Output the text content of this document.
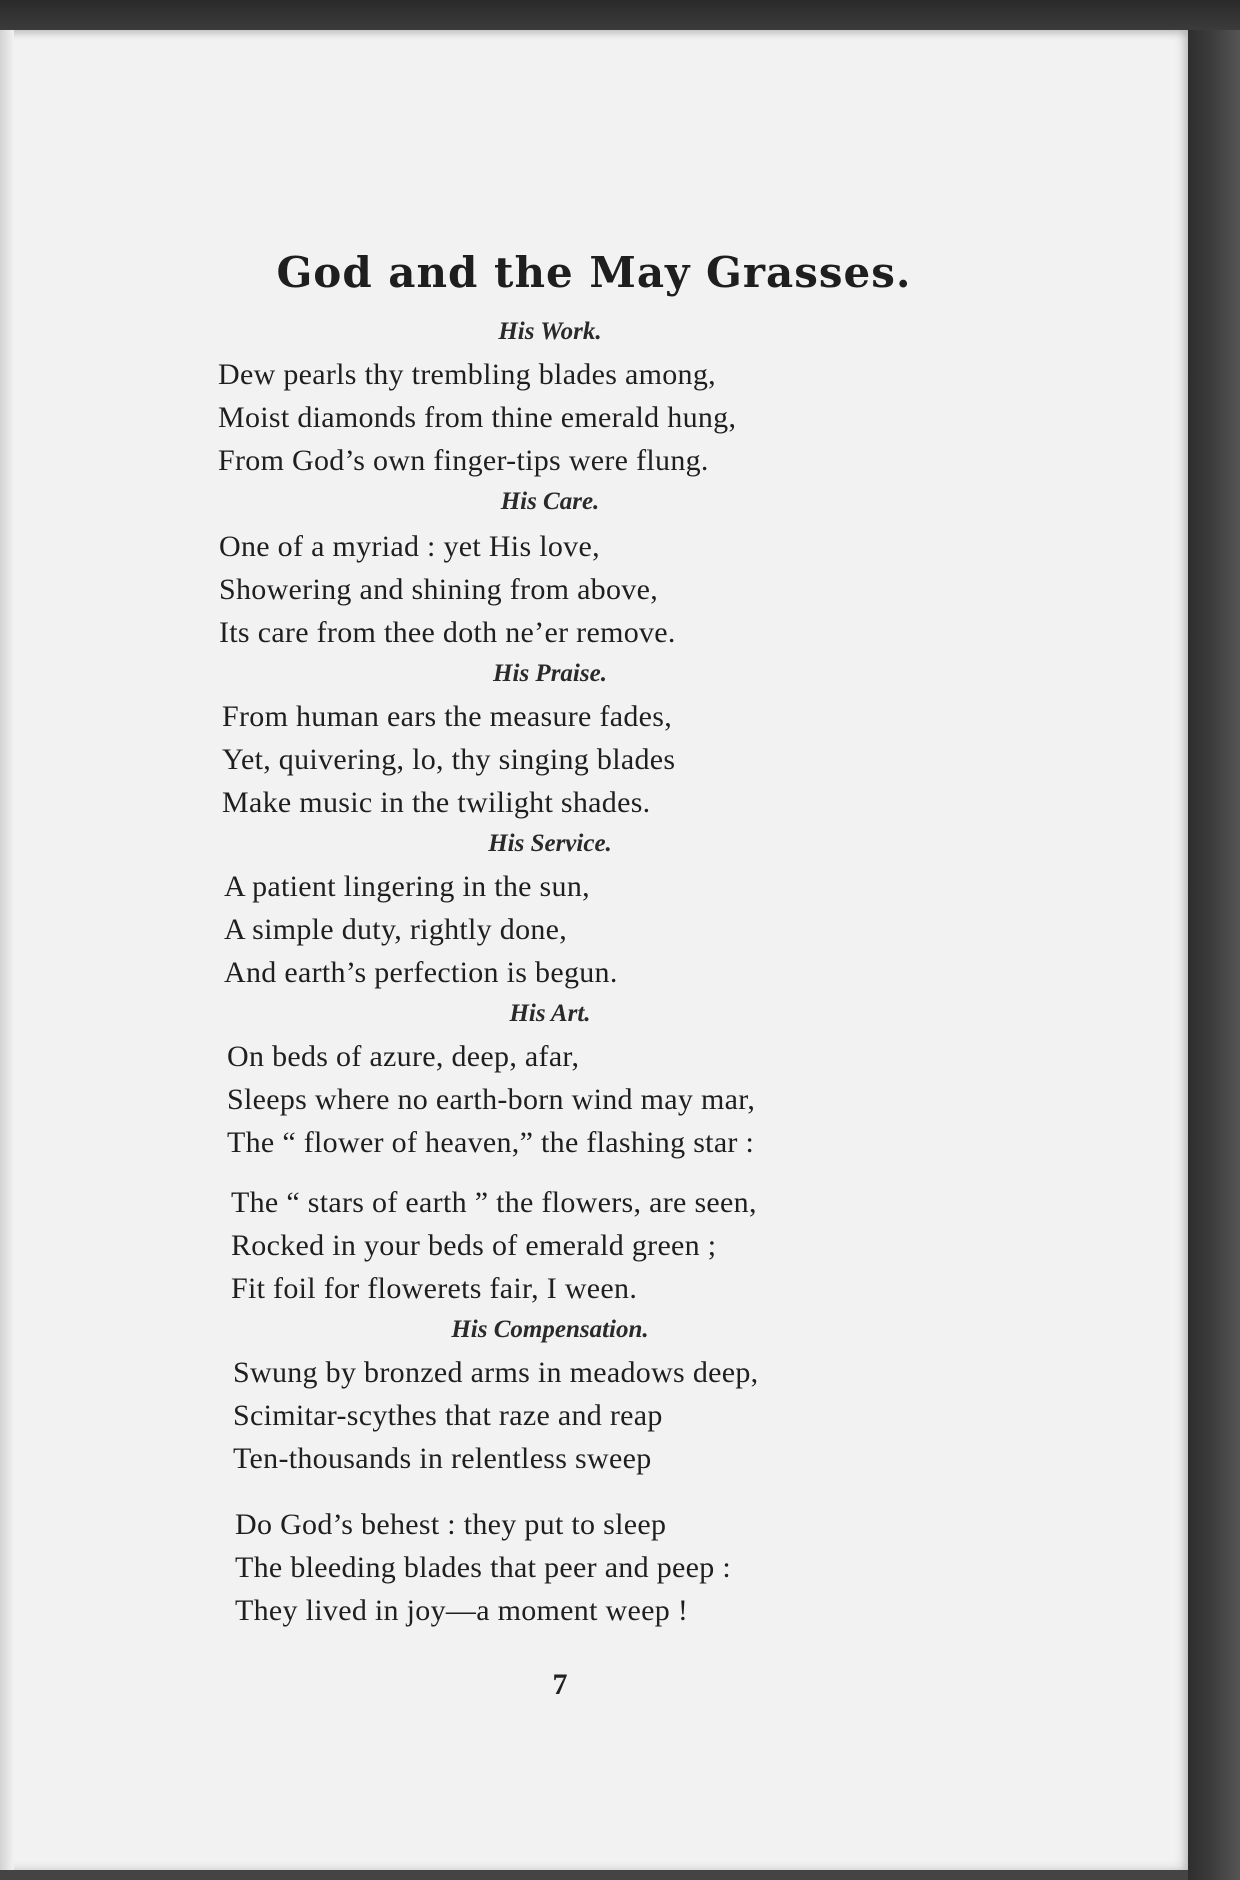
God and the May Grasses.
His Work.
Dew pearls thy trembling blades among,
Moist diamonds from thine emerald hung,
From God’s own finger-tips were flung.
His Care.
One of a myriad : yet His love,
Showering and shining from above,
Its care from thee doth ne’er remove.
His Praise.
From human ears the measure fades,
Yet, quivering, lo, thy singing blades
Make music in the twilight shades.
His Service.
A patient lingering in the sun,
A simple duty, rightly done,
And earth’s perfection is begun.
His Art.
On beds of azure, deep, afar,
Sleeps where no earth-born wind may mar,
The “ flower of heaven,” the flashing star :
The “ stars of earth ” the flowers, are seen,
Rocked in your beds of emerald green ;
Fit foil for flowerets fair, I ween.
His Compensation.
Swung by bronzed arms in meadows deep,
Scimitar-scythes that raze and reap
Ten-thousands in relentless sweep
Do God’s behest : they put to sleep
The bleeding blades that peer and peep :
They lived in joy—a moment weep !
7
